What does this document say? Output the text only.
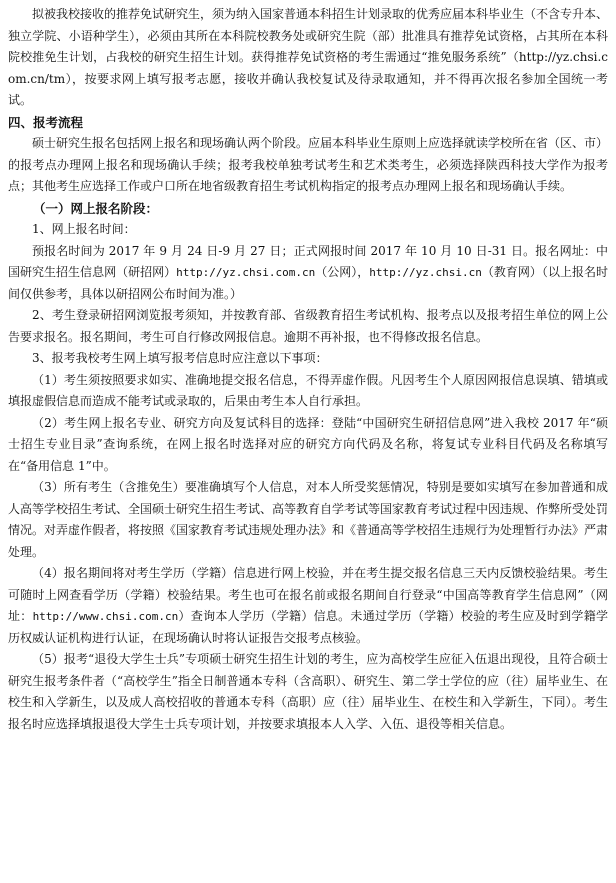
拟被我校接收的推荐免试研究生，须为纳入国家普通本科招生计划录取的优秀应届本科毕业生（不含专升本、独立学院、小语种学生），必须由其所在本科院校教务处或研究生院（部）批准具有推荐免试资格，占其所在本科院校推免生计划，占我校的研究生招生计划。获得推荐免试资格的考生需通过“推免服务系统”（http://yz.chsi.com.cn/tm），按要求网上填写报考志愿，接收并确认我校复试及待录取通知，并不得再次报名参加全国统一考试。

四、报考流程

硕士研究生报名包括网上报名和现场确认两个阶段。应届本科毕业生原则上应选择就读学校所在省（区、市）的报考点办理网上报名和现场确认手续；报考我校单独考试考生和艺术类考生，必须选择陕西科技大学作为报考点；其他考生应选择工作或户口所在地省级教育招生考试机构指定的报考点办理网上报名和现场确认手续。

（一）网上报名阶段：

1、网上报名时间：

预报名时间为 2017 年 9 月 24 日-9 月 27 日；正式网报时间 2017 年 10 月 10 日-31 日。报名网址：中国研究生招生信息网（研招网）http://yz.chsi.com.cn（公网），http://yz.chsi.cn（教育网）（以上报名时间仅供参考，具体以研招网公布时间为准。）

2、考生登录研招网浏览报考须知，并按教育部、省级教育招生考试机构、报考点以及报考招生单位的网上公告要求报名。报名期间，考生可自行修改网报信息。逾期不再补报，也不得修改报名信息。

3、报考我校考生网上填写报考信息时应注意以下事项：

（1）考生须按照要求如实、准确地提交报名信息，不得弄虚作假。凡因考生个人原因网报信息误填、错填或填报虚假信息而造成不能考试或录取的，后果由考生本人自行承担。

（2）考生网上报名专业、研究方向及复试科目的选择：登陆“中国研究生研招信息网”进入我校 2017 年“硕士招生专业目录”查询系统，在网上报名时选择对应的研究方向代码及名称，将复试专业科目代码及名称填写在“备用信息 1”中。

（3）所有考生（含推免生）要准确填写个人信息，对本人所受奖惩情况，特别是要如实填写在参加普通和成人高等学校招生考试、全国硕士研究生招生考试、高等教育自学考试等国家教育考试过程中因违规、作弊所受处罚情况。对弄虚作假者，将按照《国家教育考试违规处理办法》和《普通高等学校招生违规行为处理暂行办法》严肃处理。

（4）报名期间将对考生学历（学籍）信息进行网上校验，并在考生提交报名信息三天内反馈校验结果。考生可随时上网查看学历（学籍）校验结果。考生也可在报名前或报名期间自行登录“中国高等教育学生信息网”（网址：http://www.chsi.com.cn）查询本人学历（学籍）信息。未通过学历（学籍）校验的考生应及时到学籍学历权威认证机构进行认证，在现场确认时将认证报告交报考点核验。

（5）报考“退役大学生士兵”专项硕士研究生招生计划的考生，应为高校学生应征入伍退出现役，且符合硕士研究生报考条件者（“高校学生”指全日制普通本专科（含高职）、研究生、第二学士学位的应（往）届毕业生、在校生和入学新生，以及成人高校招收的普通本专科（高职）应（往）届毕业生、在校生和入学新生，下同）。考生报名时应选择填报退役大学生士兵专项计划，并按要求填报本人入学、入伍、退役等相关信息。
